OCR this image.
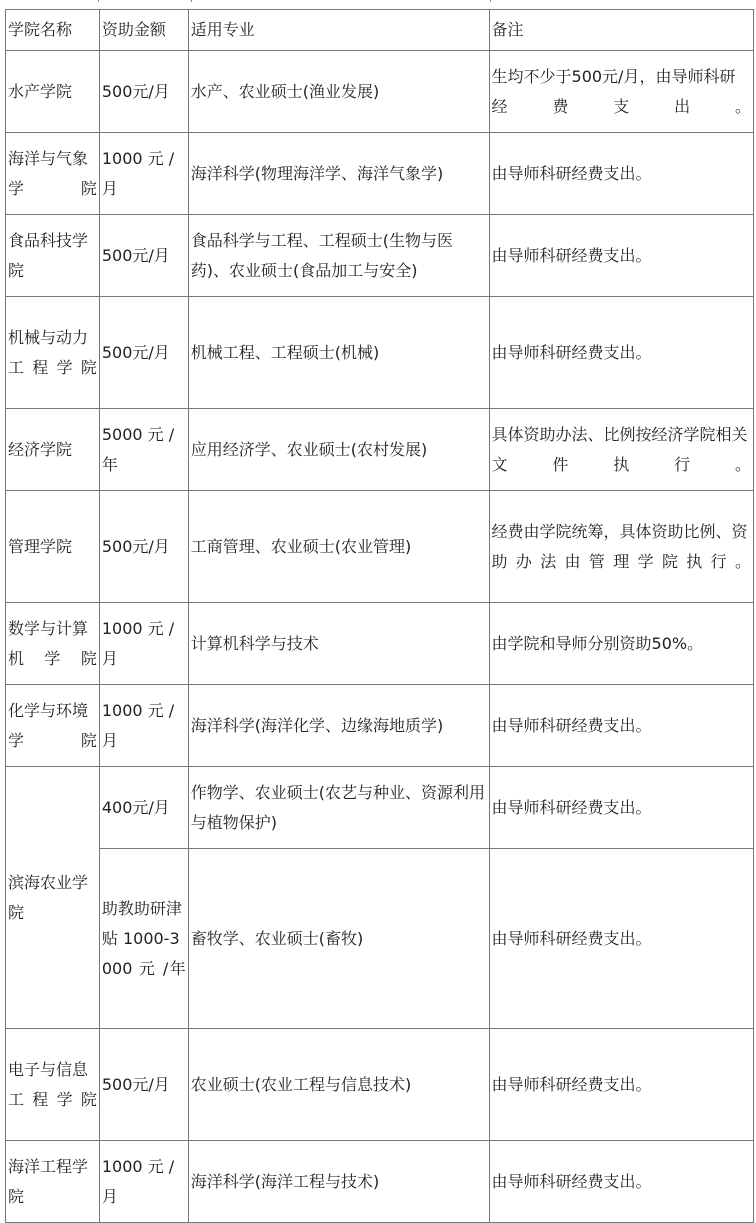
学院名称	资助金额	适用专业	备注
水产学院	500元/月	水产、农业硕士(渔业发展)	生均不少于500元/月，由导师科研经费支出。
海洋与气象学院	1000 元 /月	海洋科学(物理海洋学、海洋气象学)	由导师科研经费支出。
食品科技学院	500元/月	食品科学与工程、工程硕士(生物与医药)、农业硕士(食品加工与安全)	由导师科研经费支出。
机械与动力工程学院	500元/月	机械工程、工程硕士(机械)	由导师科研经费支出。
经济学院	5000 元 /年	应用经济学、农业硕士(农村发展)	具体资助办法、比例按经济学院相关文件执行。
管理学院	500元/月	工商管理、农业硕士(农业管理)	经费由学院统筹，具体资助比例、资助办法由管理学院执行。
数学与计算机学院	1000 元 /月	计算机科学与技术	由学院和导师分别资助50%。
化学与环境学院	1000 元 /月	海洋科学(海洋化学、边缘海地质学)	由导师科研经费支出。
滨海农业学院	400元/月	作物学、农业硕士(农艺与种业、资源利用与植物保护)	由导师科研经费支出。
	助教助研津 贴 1000-3000 元 /年	畜牧学、农业硕士(畜牧)	由导师科研经费支出。
电子与信息工程学院	500元/月	农业硕士(农业工程与信息技术)	由导师科研经费支出。
海洋工程学院	1000 元 /月	海洋科学(海洋工程与技术)	由导师科研经费支出。
